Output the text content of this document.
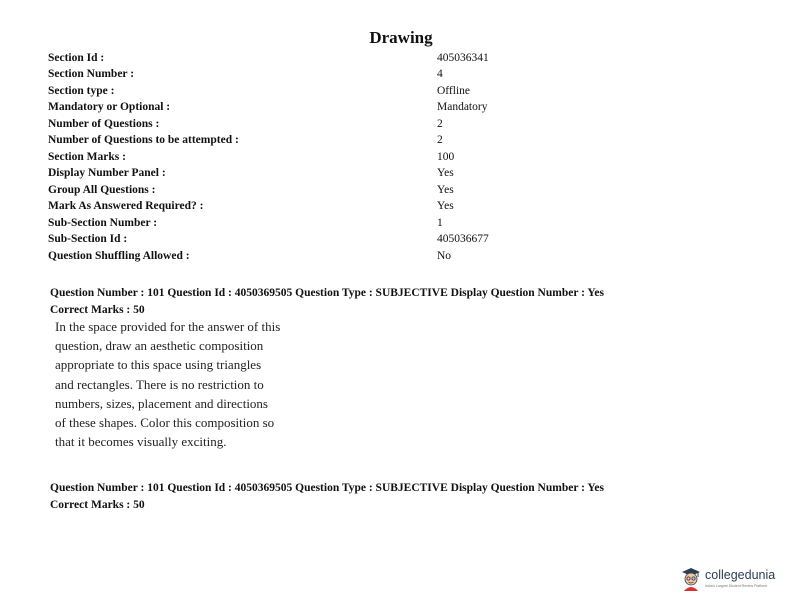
Drawing
Section Id :	405036341
Section Number :	4
Section type :	Offline
Mandatory or Optional :	Mandatory
Number of Questions :	2
Number of Questions to be attempted :	2
Section Marks :	100
Display Number Panel :	Yes
Group All Questions :	Yes
Mark As Answered Required? :	Yes
Sub-Section Number :	1
Sub-Section Id :	405036677
Question Shuffling Allowed :	No
Question Number : 101 Question Id : 4050369505 Question Type : SUBJECTIVE Display Question Number : Yes
Correct Marks : 50
In the space provided for the answer of this
question, draw an aesthetic composition
appropriate to this space using triangles
and rectangles. There is no restriction to
numbers, sizes, placement and directions
of these shapes. Color this composition so
that it becomes visually exciting.
Question Number : 101 Question Id : 4050369505 Question Type : SUBJECTIVE Display Question Number : Yes
Correct Marks : 50
collegedunia
India's Largest Student Review Platform
